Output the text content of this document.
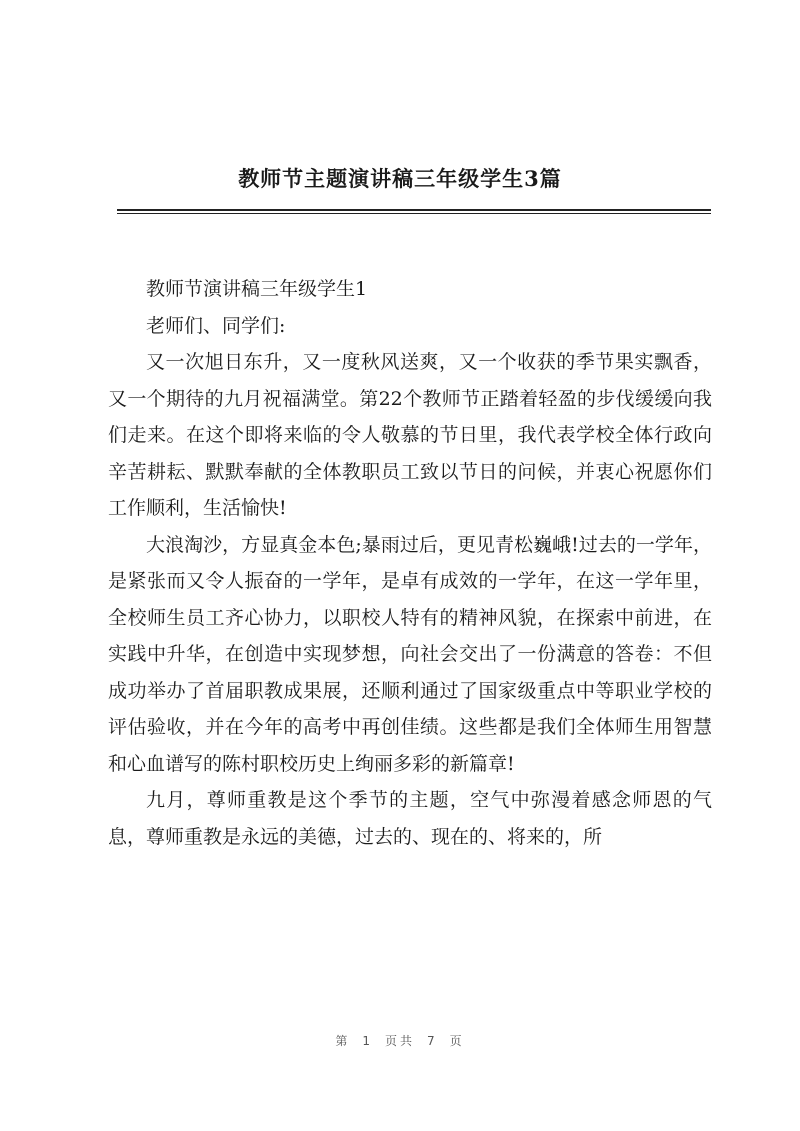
教师节主题演讲稿三年级学生3篇

教师节演讲稿三年级学生1

老师们、同学们:

又一次旭日东升，又一度秋风送爽，又一个收获的季节果实飘香，又一个期待的九月祝福满堂。第22个教师节正踏着轻盈的步伐缓缓向我们走来。在这个即将来临的令人敬慕的节日里，我代表学校全体行政向辛苦耕耘、默默奉献的全体教职员工致以节日的问候，并衷心祝愿你们工作顺利，生活愉快!

大浪淘沙，方显真金本色;暴雨过后，更见青松巍峨!过去的一学年，是紧张而又令人振奋的一学年，是卓有成效的一学年，在这一学年里，全校师生员工齐心协力，以职校人特有的精神风貌，在探索中前进，在实践中升华，在创造中实现梦想，向社会交出了一份满意的答卷：不但成功举办了首届职教成果展，还顺利通过了国家级重点中等职业学校的评估验收，并在今年的高考中再创佳绩。这些都是我们全体师生用智慧和心血谱写的陈村职校历史上绚丽多彩的新篇章!

九月，尊师重教是这个季节的主题，空气中弥漫着感念师恩的气息，尊师重教是永远的美德，过去的、现在的、将来的，所

第 1 页共 7 页
